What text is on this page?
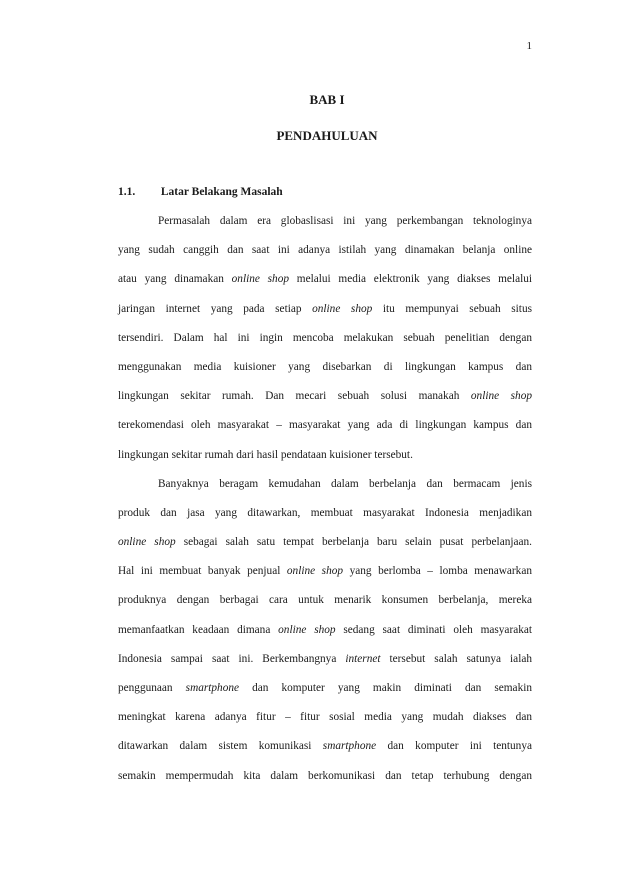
1
BAB I
PENDAHULUAN
1.1. Latar Belakang Masalah
Permasalah dalam era globaslisasi ini yang perkembangan teknologinya
yang sudah canggih dan saat ini adanya istilah yang dinamakan belanja online
atau yang dinamakan online shop melalui media elektronik yang diakses melalui
jaringan internet yang pada setiap online shop itu mempunyai sebuah situs
tersendiri. Dalam hal ini ingin mencoba melakukan sebuah penelitian dengan
menggunakan media kuisioner yang disebarkan di lingkungan kampus dan
lingkungan sekitar rumah. Dan mecari sebuah solusi manakah online shop
terekomendasi oleh masyarakat – masyarakat yang ada di lingkungan kampus dan
lingkungan sekitar rumah dari hasil pendataan kuisioner tersebut.
Banyaknya beragam kemudahan dalam berbelanja dan bermacam jenis
produk dan jasa yang ditawarkan, membuat masyarakat Indonesia menjadikan
online shop sebagai salah satu tempat berbelanja baru selain pusat perbelanjaan.
Hal ini membuat banyak penjual online shop yang berlomba – lomba menawarkan
produknya dengan berbagai cara untuk menarik konsumen berbelanja, mereka
memanfaatkan keadaan dimana online shop sedang saat diminati oleh masyarakat
Indonesia sampai saat ini. Berkembangnya internet tersebut salah satunya ialah
penggunaan smartphone dan komputer yang makin diminati dan semakin
meningkat karena adanya fitur – fitur sosial media yang mudah diakses dan
ditawarkan dalam sistem komunikasi smartphone dan komputer ini tentunya
semakin mempermudah kita dalam berkomunikasi dan tetap terhubung dengan
